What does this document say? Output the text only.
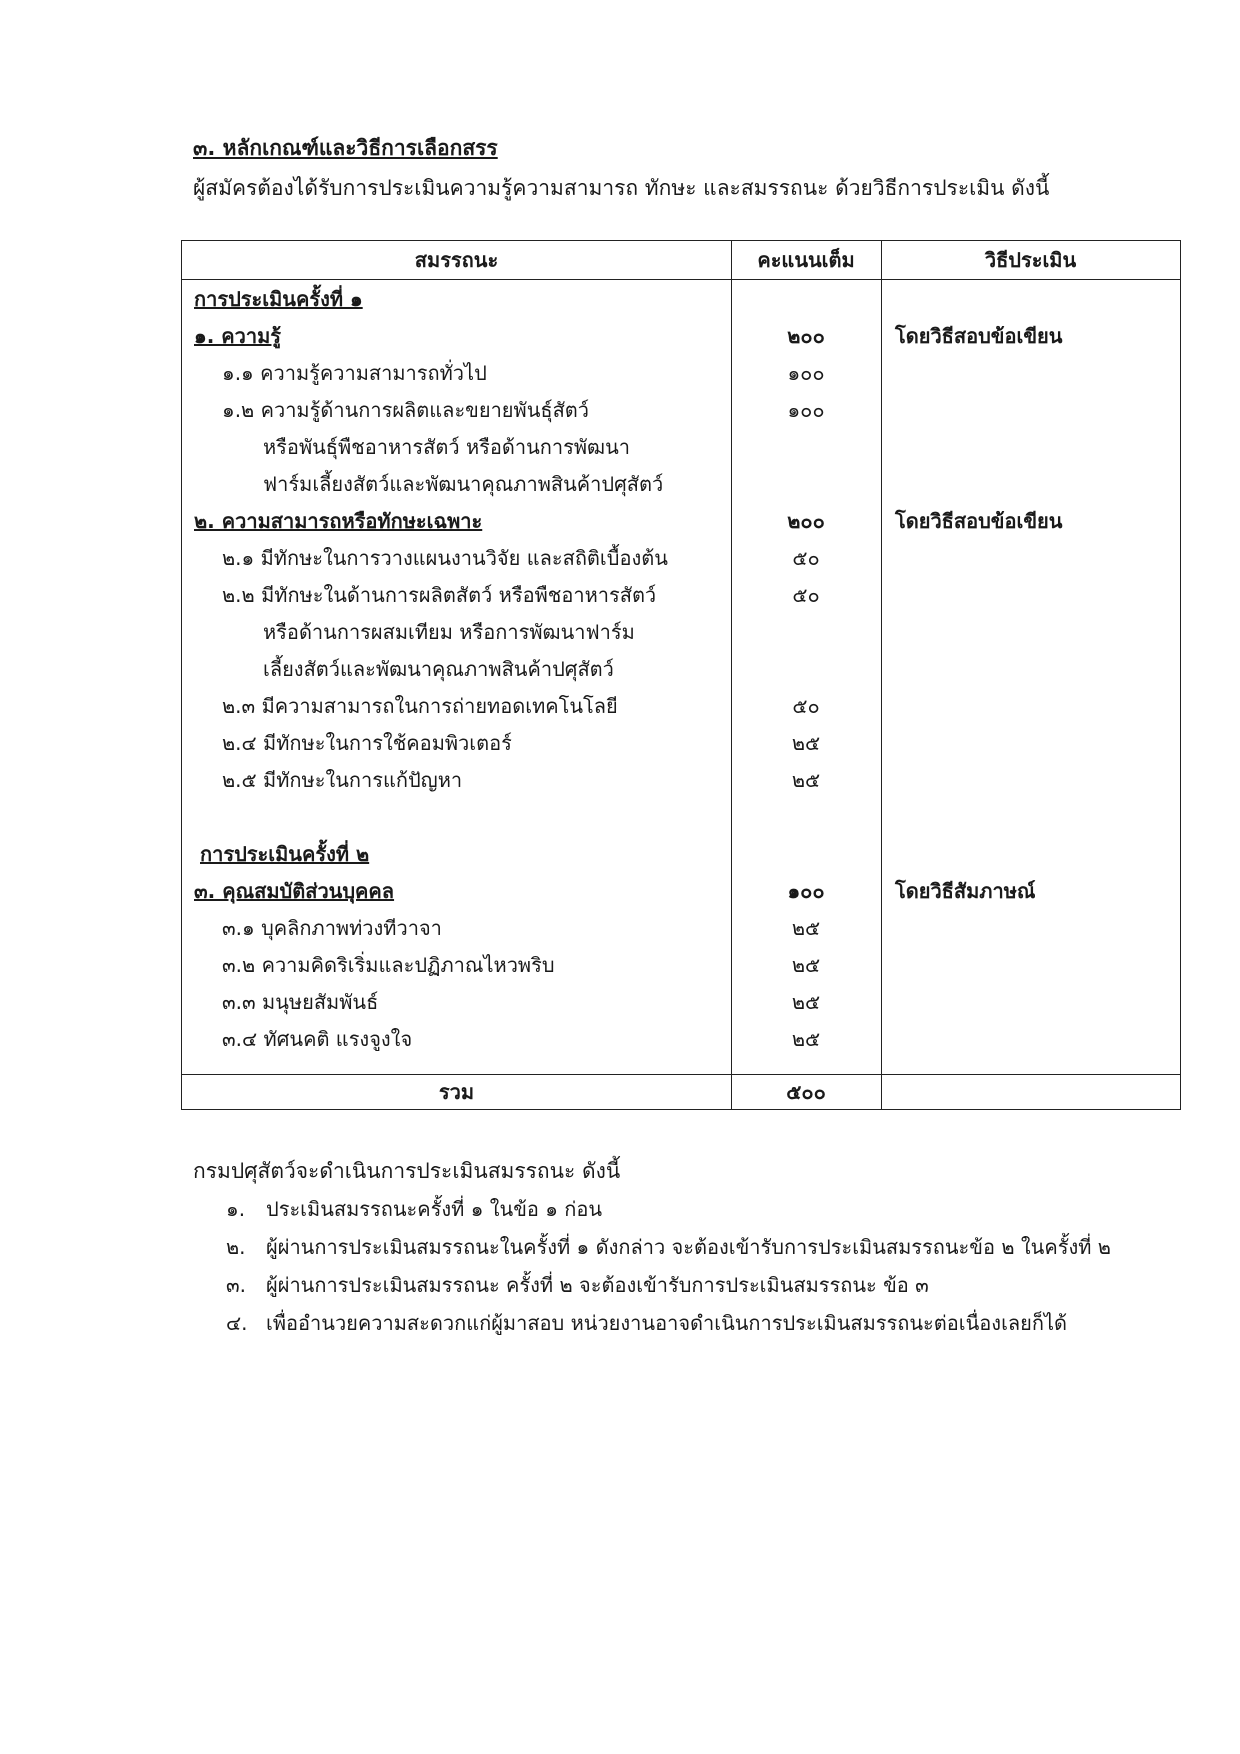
๓. หลักเกณฑ์และวิธีการเลือกสรร

ผู้สมัครต้องได้รับการประเมินความรู้ความสามารถ ทักษะ และสมรรถนะ ด้วยวิธีการประเมิน ดังนี้

สมรรถนะ	คะแนนเต็ม	วิธีประเมิน
การประเมินครั้งที่ ๑
๑. ความรู้	๒๐๐	โดยวิธีสอบข้อเขียน
๑.๑ ความรู้ความสามารถทั่วไป	๑๐๐
๑.๒ ความรู้ด้านการผลิตและขยายพันธุ์สัตว์	๑๐๐
หรือพันธุ์พืชอาหารสัตว์ หรือด้านการพัฒนา
ฟาร์มเลี้ยงสัตว์และพัฒนาคุณภาพสินค้าปศุสัตว์
๒. ความสามารถหรือทักษะเฉพาะ	๒๐๐	โดยวิธีสอบข้อเขียน
๒.๑ มีทักษะในการวางแผนงานวิจัย และสถิติเบื้องต้น	๕๐
๒.๒ มีทักษะในด้านการผลิตสัตว์ หรือพืชอาหารสัตว์	๕๐
หรือด้านการผสมเทียม หรือการพัฒนาฟาร์ม
เลี้ยงสัตว์และพัฒนาคุณภาพสินค้าปศุสัตว์
๒.๓ มีความสามารถในการถ่ายทอดเทคโนโลยี	๕๐
๒.๔ มีทักษะในการใช้คอมพิวเตอร์	๒๕
๒.๕ มีทักษะในการแก้ปัญหา	๒๕
การประเมินครั้งที่ ๒
๓. คุณสมบัติส่วนบุคคล	๑๐๐	โดยวิธีสัมภาษณ์
๓.๑ บุคลิกภาพท่วงทีวาจา	๒๕
๓.๒ ความคิดริเริ่มและปฏิภาณไหวพริบ	๒๕
๓.๓ มนุษยสัมพันธ์	๒๕
๓.๔ ทัศนคติ แรงจูงใจ	๒๕
รวม	๕๐๐

กรมปศุสัตว์จะดำเนินการประเมินสมรรถนะ ดังนี้

๑. ประเมินสมรรถนะครั้งที่ ๑ ในข้อ ๑ ก่อน
๒. ผู้ผ่านการประเมินสมรรถนะในครั้งที่ ๑ ดังกล่าว จะต้องเข้ารับการประเมินสมรรถนะข้อ ๒ ในครั้งที่ ๒
๓. ผู้ผ่านการประเมินสมรรถนะ ครั้งที่ ๒ จะต้องเข้ารับการประเมินสมรรถนะ ข้อ ๓
๔. เพื่ออำนวยความสะดวกแก่ผู้มาสอบ หน่วยงานอาจดำเนินการประเมินสมรรถนะต่อเนื่องเลยก็ได้
